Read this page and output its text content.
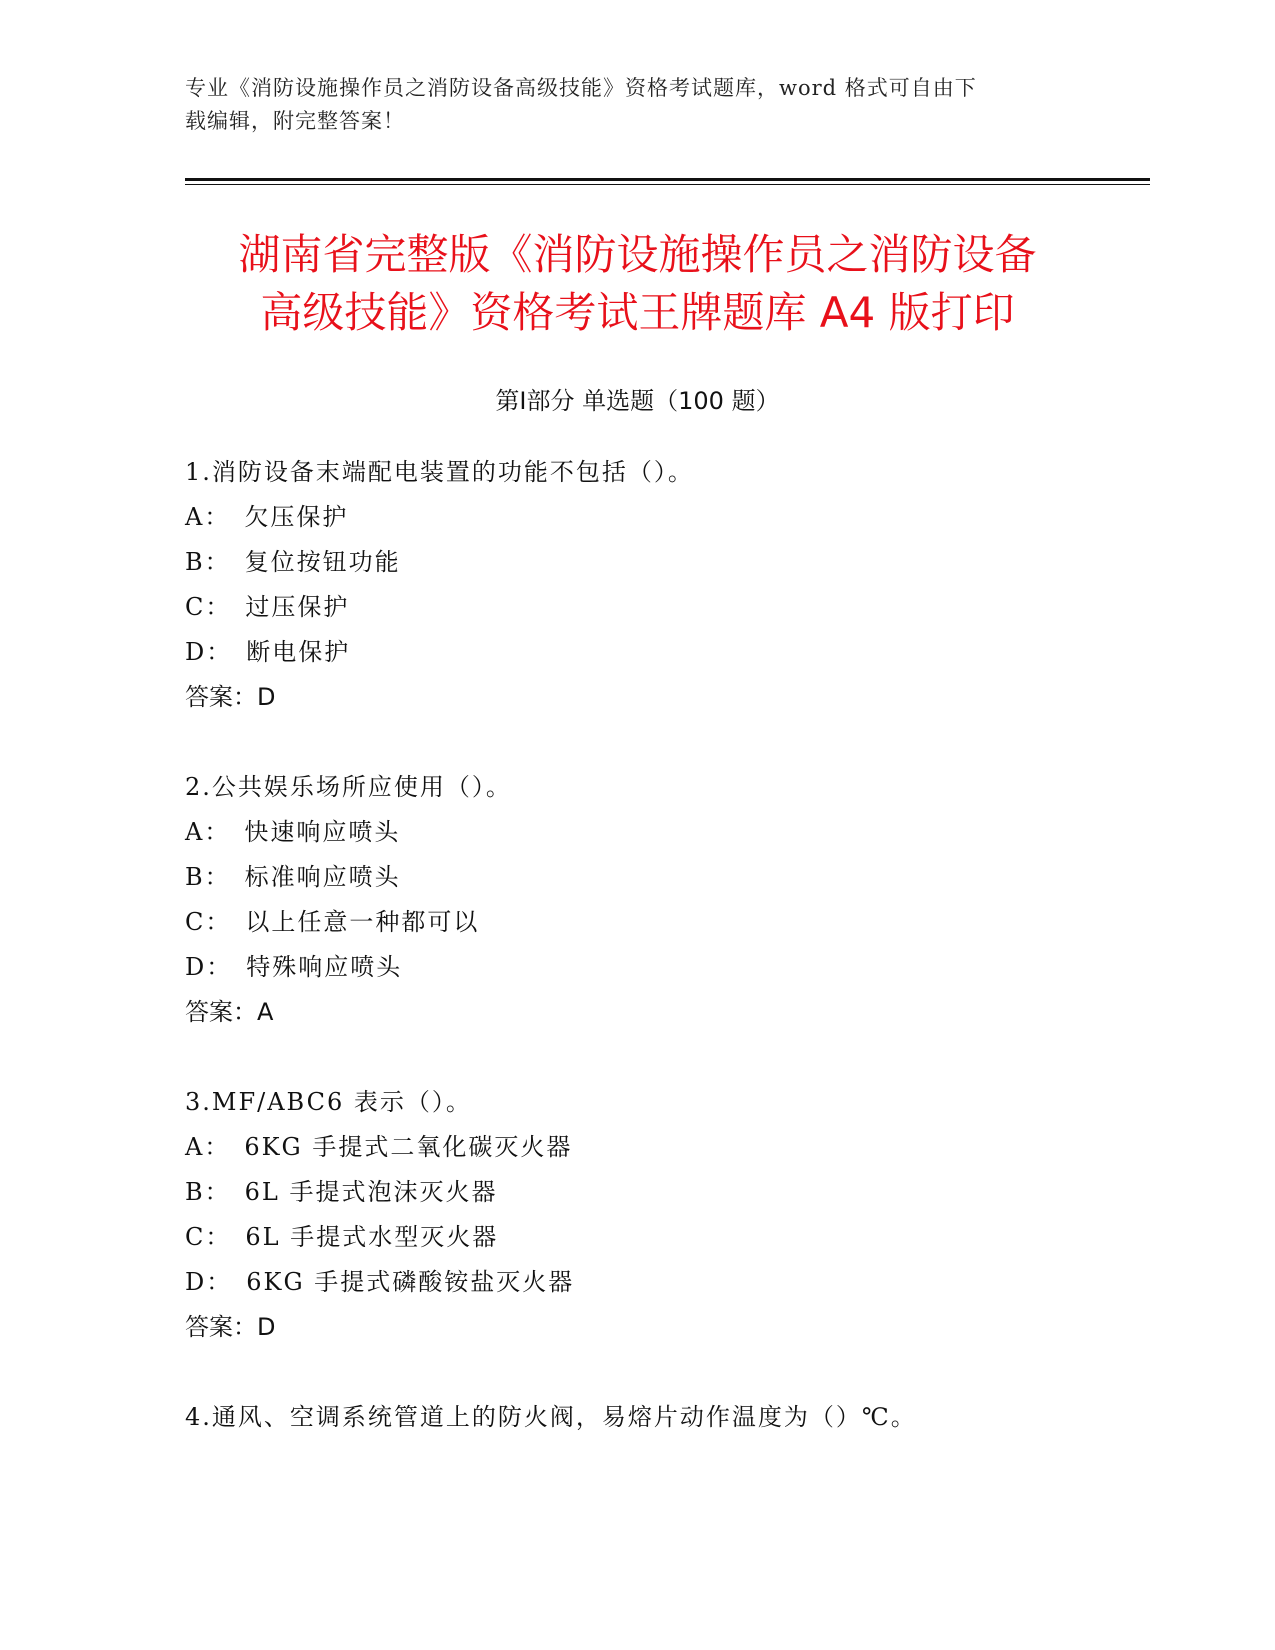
专业《消防设施操作员之消防设备高级技能》资格考试题库，word 格式可自由下
载编辑，附完整答案！
湖南省完整版《消防设施操作员之消防设备
高级技能》资格考试王牌题库 A4 版打印
第Ⅰ部分 单选题（100 题）
1.消防设备末端配电装置的功能不包括（）。
A： 欠压保护
B： 复位按钮功能
C： 过压保护
D： 断电保护
答案：D
2.公共娱乐场所应使用（）。
A： 快速响应喷头
B： 标准响应喷头
C： 以上任意一种都可以
D： 特殊响应喷头
答案：A
3.MF/ABC6 表示（）。
A： 6KG 手提式二氧化碳灭火器
B： 6L 手提式泡沫灭火器
C： 6L 手提式水型灭火器
D： 6KG 手提式磷酸铵盐灭火器
答案：D
4.通风、空调系统管道上的防火阀，易熔片动作温度为（）℃。
